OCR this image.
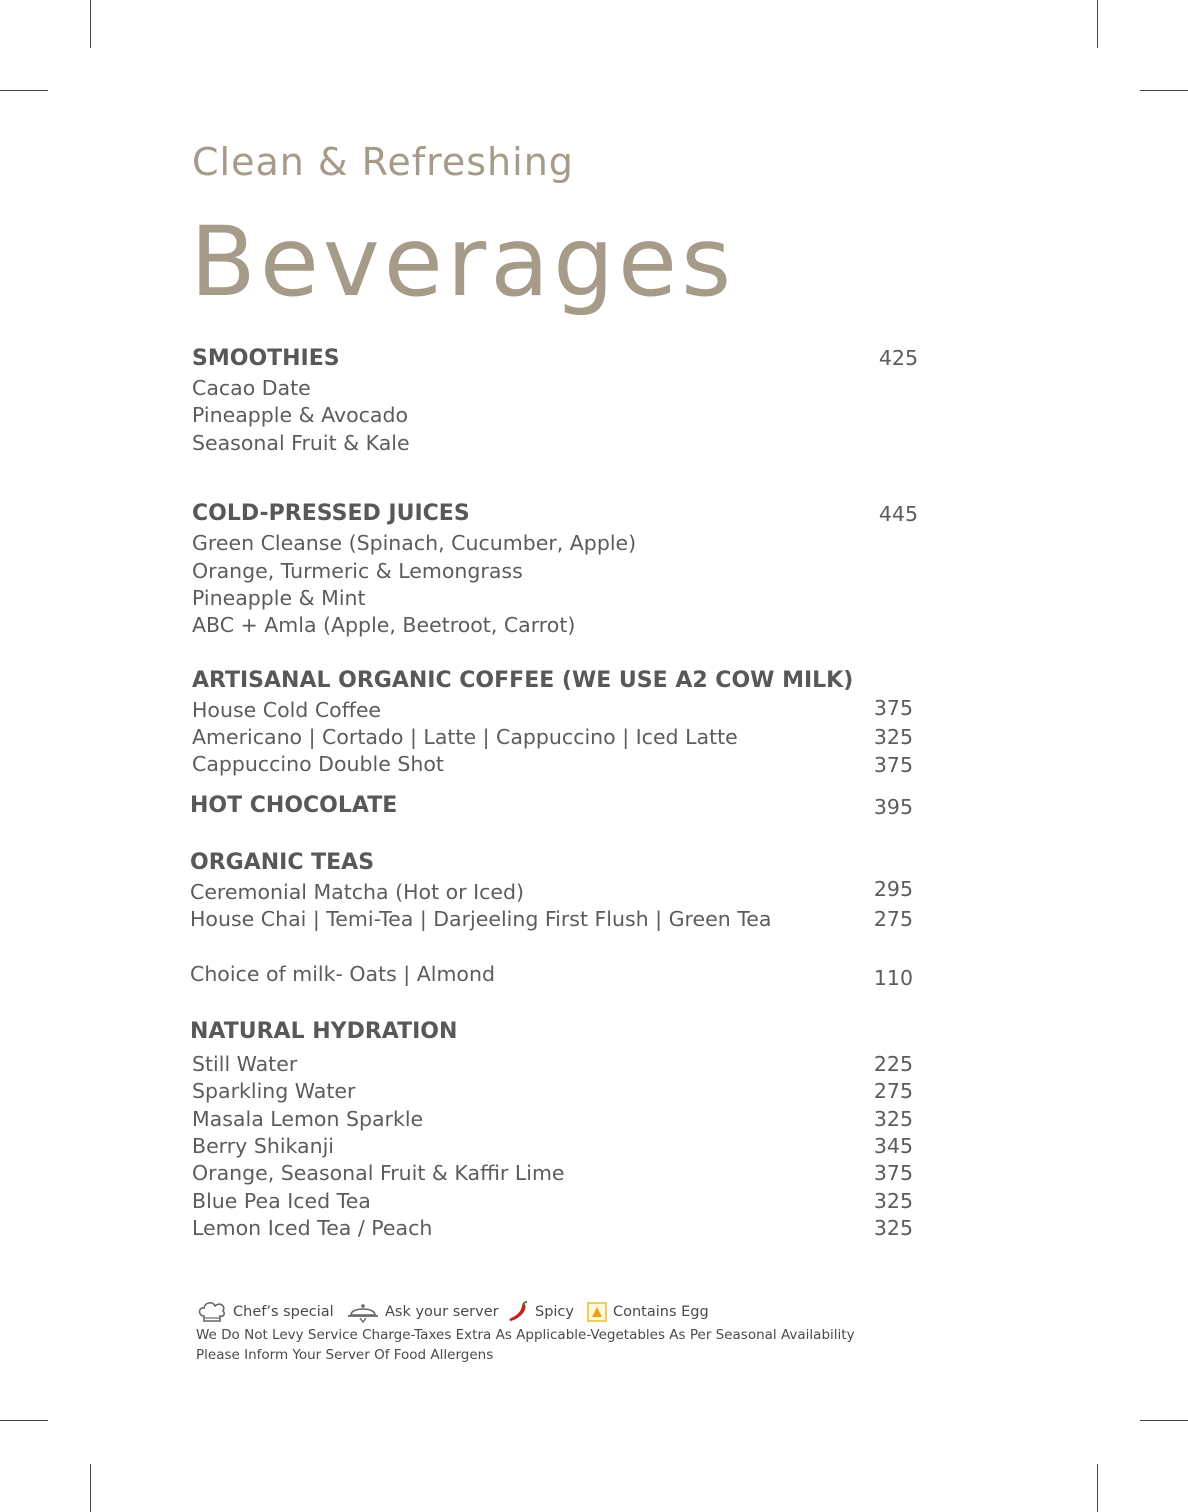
Clean & Refreshing
Beverages
SMOOTHIES	425
Cacao Date
Pineapple & Avocado
Seasonal Fruit & Kale
COLD-PRESSED JUICES	445
Green Cleanse (Spinach, Cucumber, Apple)
Orange, Turmeric & Lemongrass
Pineapple & Mint
ABC + Amla (Apple, Beetroot, Carrot)
ARTISANAL ORGANIC COFFEE (WE USE A2 COW MILK)
House Cold Coffee	375
Americano | Cortado | Latte | Cappuccino | Iced Latte	325
Cappuccino Double Shot	375
HOT CHOCOLATE	395
ORGANIC TEAS
Ceremonial Matcha (Hot or Iced)	295
House Chai | Temi-Tea | Darjeeling First Flush | Green Tea	275
Choice of milk- Oats | Almond	110
NATURAL HYDRATION
Still Water	225
Sparkling Water	275
Masala Lemon Sparkle	325
Berry Shikanji	345
Orange, Seasonal Fruit & Kaffir Lime	375
Blue Pea Iced Tea	325
Lemon Iced Tea / Peach	325
Chef’s special	Ask your server	Spicy	Contains Egg
We Do Not Levy Service Charge-Taxes Extra As Applicable-Vegetables As Per Seasonal Availability
Please Inform Your Server Of Food Allergens
